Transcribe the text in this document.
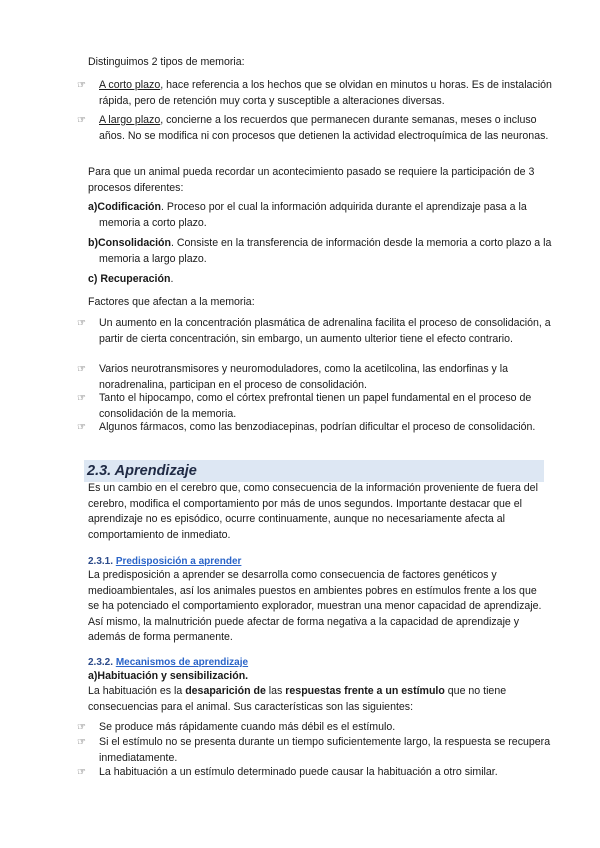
Distinguimos 2 tipos de memoria:

☞ A corto plazo, hace referencia a los hechos que se olvidan en minutos u horas. Es de instalación rápida, pero de retención muy corta y susceptible a alteraciones diversas.

☞ A largo plazo, concierne a los recuerdos que permanecen durante semanas, meses o incluso años. No se modifica ni con procesos que detienen la actividad electroquímica de las neuronas.

Para que un animal pueda recordar un acontecimiento pasado se requiere la participación de 3 procesos diferentes:

a)Codificación. Proceso por el cual la información adquirida durante el aprendizaje pasa a la memoria a corto plazo.

b)Consolidación. Consiste en la transferencia de información desde la memoria a corto plazo a la memoria a largo plazo.

c) Recuperación.

Factores que afectan a la memoria:

☞ Un aumento en la concentración plasmática de adrenalina facilita el proceso de consolidación, a partir de cierta concentración, sin embargo, un aumento ulterior tiene el efecto contrario.

☞ Varios neurotransmisores y neuromoduladores, como la acetilcolina, las endorfinas y la noradrenalina, participan en el proceso de consolidación.

☞ Tanto el hipocampo, como el córtex prefrontal tienen un papel fundamental en el proceso de consolidación de la memoria.

☞ Algunos fármacos, como las benzodiacepinas, podrían dificultar el proceso de consolidación.

2.3. Aprendizaje

Es un cambio en el cerebro que, como consecuencia de la información proveniente de fuera del cerebro, modifica el comportamiento por más de unos segundos. Importante destacar que el aprendizaje no es episódico, ocurre continuamente, aunque no necesariamente afecta al comportamiento de inmediato.

2.3.1. Predisposición a aprender

La predisposición a aprender se desarrolla como consecuencia de factores genéticos y medioambientales, así los animales puestos en ambientes pobres en estímulos frente a los que se ha potenciado el comportamiento explorador, muestran una menor capacidad de aprendizaje. Así mismo, la malnutrición puede afectar de forma negativa a la capacidad de aprendizaje y además de forma permanente.

2.3.2. Mecanismos de aprendizaje

a)Habituación y sensibilización.

La habituación es la desaparición de las respuestas frente a un estímulo que no tiene consecuencias para el animal. Sus características son las siguientes:

☞ Se produce más rápidamente cuando más débil es el estímulo.

☞ Si el estímulo no se presenta durante un tiempo suficientemente largo, la respuesta se recupera inmediatamente.

☞ La habituación a un estímulo determinado puede causar la habituación a otro similar.
